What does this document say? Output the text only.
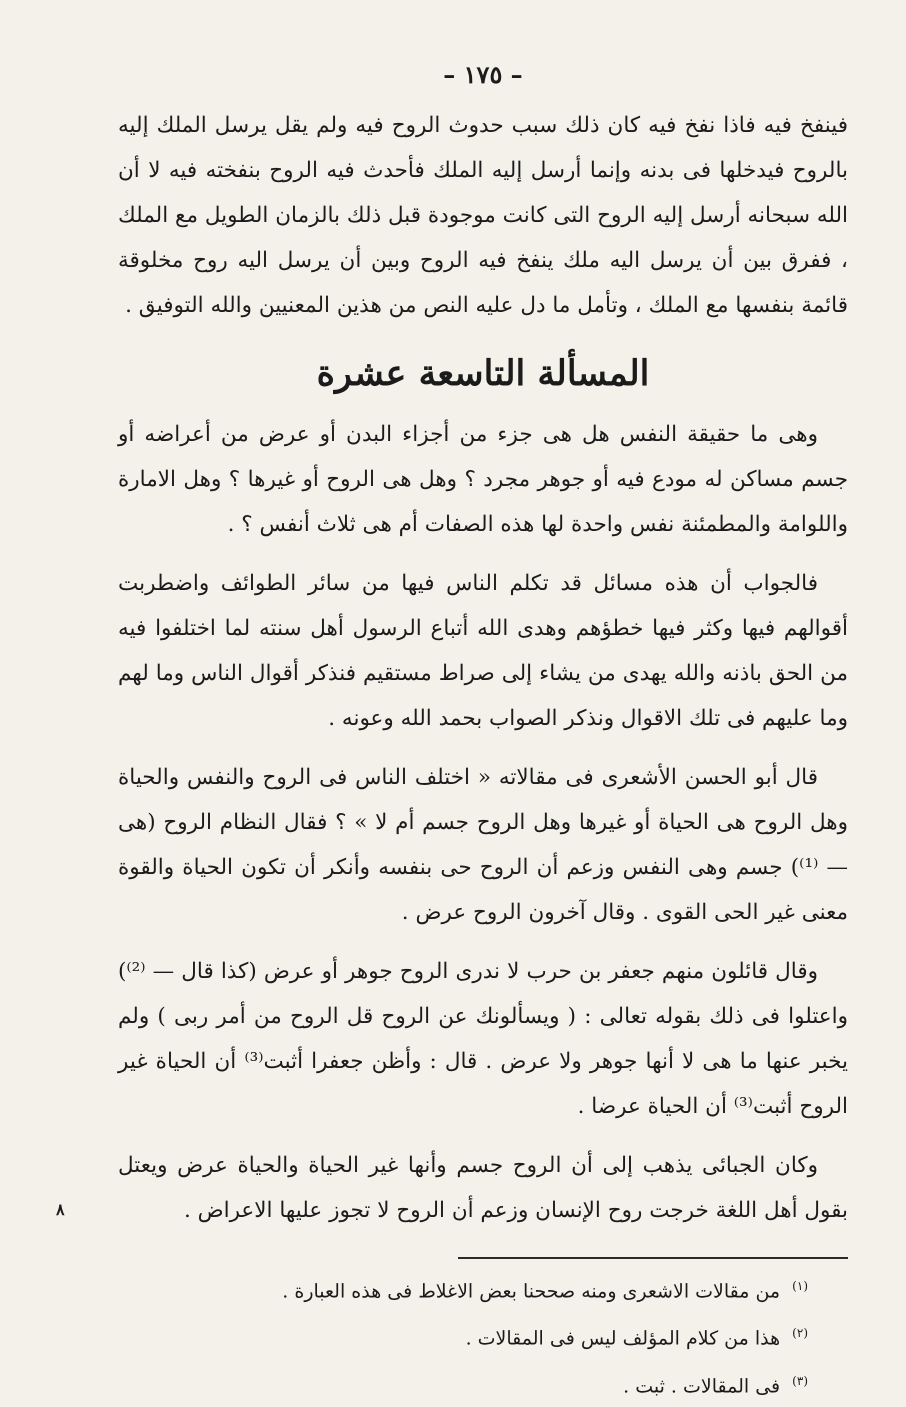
– ١٧٥ –

فينفخ فيه فاذا نفخ فيه كان ذلك سبب حدوث الروح فيه ولم يقل يرسل الملك إليه بالروح فيدخلها فى بدنه وإنما أرسل إليه الملك فأحدث فيه الروح بنفخته فيه لا أن الله سبحانه أرسل إليه الروح التى كانت موجودة قبل ذلك بالزمان الطويل مع الملك ، ففرق بين أن يرسل اليه ملك ينفخ فيه الروح وبين أن يرسل اليه روح مخلوقة قائمة بنفسها مع الملك ، وتأمل ما دل عليه النص من هذين المعنيين والله التوفيق .

المسألة التاسعة عشرة

وهى ما حقيقة النفس هل هى جزء من أجزاء البدن أو عرض من أعراضه أو جسم مساكن له مودع فيه أو جوهر مجرد ؟ وهل هى الروح أو غيرها ؟ وهل الامارة واللوامة والمطمئنة نفس واحدة لها هذه الصفات أم هى ثلاث أنفس ؟ .

فالجواب أن هذه مسائل قد تكلم الناس فيها من سائر الطوائف واضطربت أقوالهم فيها وكثر فيها خطؤهم وهدى الله أتباع الرسول أهل سنته لما اختلفوا فيه من الحق باذنه والله يهدى من يشاء إلى صراط مستقيم فنذكر أقوال الناس وما لهم وما عليهم فى تلك الاقوال ونذكر الصواب بحمد الله وعونه .

قال أبو الحسن الأشعرى فى مقالاته « اختلف الناس فى الروح والنفس والحياة وهل الروح هى الحياة أو غيرها وهل الروح جسم أم لا » ؟ فقال النظام الروح (هى — ⁽¹⁾) جسم وهى النفس وزعم أن الروح حى بنفسه وأنكر أن تكون الحياة والقوة معنى غير الحى القوى . وقال آخرون الروح عرض .

وقال قائلون منهم جعفر بن حرب لا ندرى الروح جوهر أو عرض (كذا قال — ⁽²⁾) واعتلوا فى ذلك بقوله تعالى : ( ويسألونك عن الروح قل الروح من أمر ربى ) ولم يخبر عنها ما هى لا أنها جوهر ولا عرض . قال : وأظن جعفرا أثبت⁽³⁾ أن الحياة غير الروح أثبت⁽³⁾ أن الحياة عرضا .

وكان الجبائى يذهب إلى أن الروح جسم وأنها غير الحياة والحياة عرض ويعتل بقول أهل اللغة خرجت روح الإنسان وزعم أن الروح لا تجوز عليها الاعراض .

$^{(١)}$ من مقالات الاشعرى ومنه صححنا بعض الاغلاط فى هذه العبارة .
$^{(٢)}$ هذا من كلام المؤلف ليس فى المقالات .
$^{(٣)}$ فى المقالات . ثبت .
٨
